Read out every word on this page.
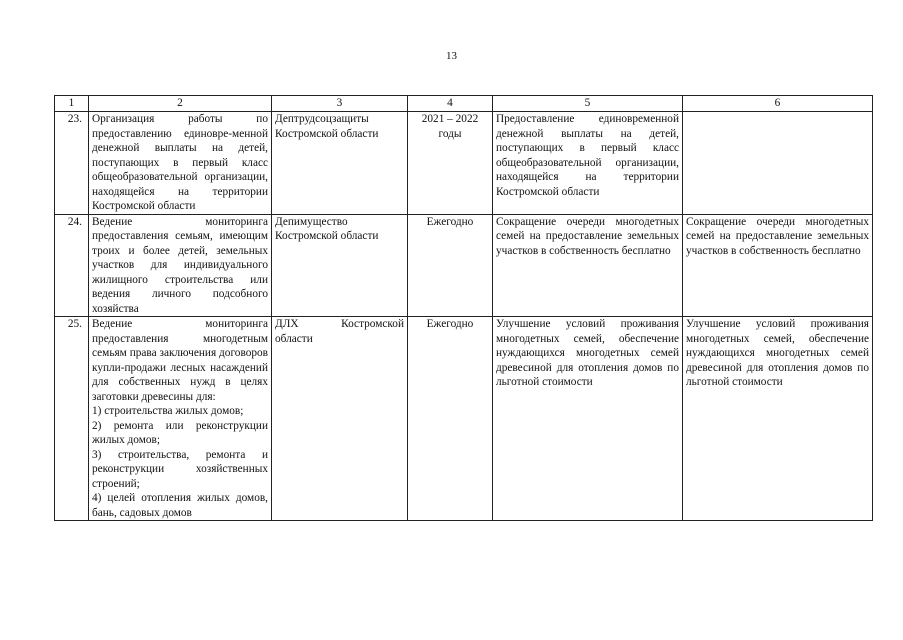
13
1	2	3	4	5	6
23.	Организация работы по предоставлению единовре-менной денежной выплаты на детей, поступающих в первый класс общеобразовательной организации, находящейся на территории Костромской области	Дептрудсоцзащиты Костромской области	2021 – 2022 годы	Предоставление единовременной денежной выплаты на детей, поступающих в первый класс общеобразовательной организации, находящейся на территории Костромской области	
24.	Ведение мониторинга предоставления семьям, имеющим троих и более детей, земельных участков для индивидуального жилищного строительства или ведения личного подсобного хозяйства	Депимущество Костромской области	Ежегодно	Сокращение очереди многодетных семей на предоставление земельных участков в собственность бесплатно	Сокращение очереди многодетных семей на предоставление земельных участков в собственность бесплатно
25.	Ведение мониторинга предоставления многодетным семьям права заключения договоров купли-продажи лесных насаждений для собственных нужд в целях заготовки древесины для:
1) строительства жилых домов;
2) ремонта или реконструкции жилых домов;
3) строительства, ремонта и реконструкции хозяйственных строений;
4) целей отопления жилых домов, бань, садовых домов	ДЛХ Костромской области	Ежегодно	Улучшение условий проживания многодетных семей, обеспечение нуждающихся многодетных семей древесиной для отопления домов по льготной стоимости	Улучшение условий проживания многодетных семей, обеспечение нуждающихся многодетных семей древесиной для отопления домов по льготной стоимости
